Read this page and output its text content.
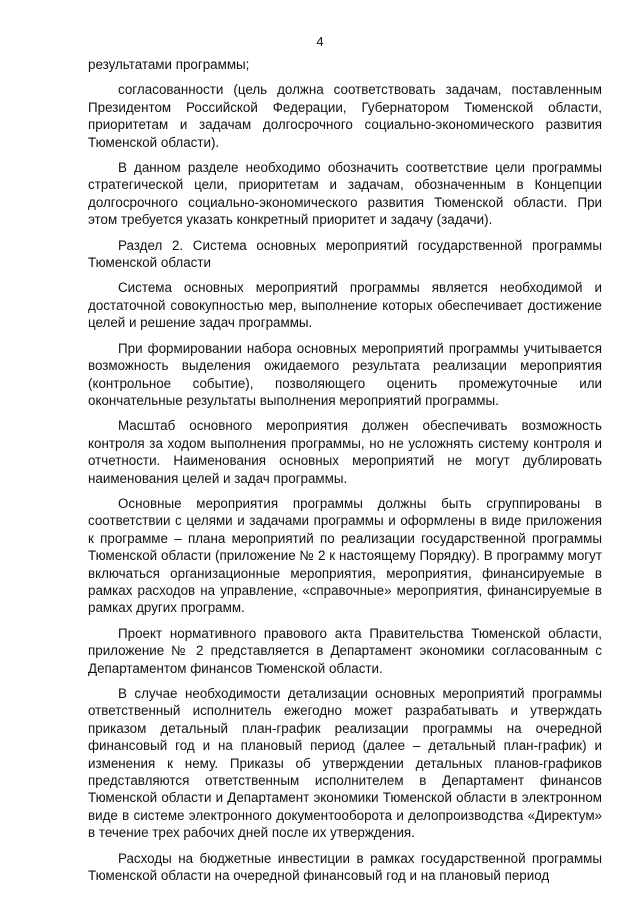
4

результатами программы;

согласованности (цель должна соответствовать задачам, поставленным Президентом Российской Федерации, Губернатором Тюменской области, приоритетам и задачам долгосрочного социально-экономического развития Тюменской области).

В данном разделе необходимо обозначить соответствие цели программы стратегической цели, приоритетам и задачам, обозначенным в Концепции долгосрочного социально-экономического развития Тюменской области. При этом требуется указать конкретный приоритет и задачу (задачи).

Раздел 2. Система основных мероприятий государственной программы Тюменской области

Система основных мероприятий программы является необходимой и достаточной совокупностью мер, выполнение которых обеспечивает достижение целей и решение задач программы.

При формировании набора основных мероприятий программы учитывается возможность выделения ожидаемого результата реализации мероприятия (контрольное событие), позволяющего оценить промежуточные или окончательные результаты выполнения мероприятий программы.

Масштаб основного мероприятия должен обеспечивать возможность контроля за ходом выполнения программы, но не усложнять систему контроля и отчетности. Наименования основных мероприятий не могут дублировать наименования целей и задач программы.

Основные мероприятия программы должны быть сгруппированы в соответствии с целями и задачами программы и оформлены в виде приложения к программе – плана мероприятий по реализации государственной программы Тюменской области (приложение № 2 к настоящему Порядку). В программу могут включаться организационные мероприятия, мероприятия, финансируемые в рамках расходов на управление, «справочные» мероприятия, финансируемые в рамках других программ.

Проект нормативного правового акта Правительства Тюменской области, приложение № 2 представляется в Департамент экономики согласованным с Департаментом финансов Тюменской области.

В случае необходимости детализации основных мероприятий программы ответственный исполнитель ежегодно может разрабатывать и утверждать приказом детальный план-график реализации программы на очередной финансовый год и на плановый период (далее – детальный план-график) и изменения к нему. Приказы об утверждении детальных планов-графиков представляются ответственным исполнителем в Департамент финансов Тюменской области и Департамент экономики Тюменской области в электронном виде в системе электронного документооборота и делопроизводства «Директум» в течение трех рабочих дней после их утверждения.

Расходы на бюджетные инвестиции в рамках государственной программы Тюменской области на очередной финансовый год и на плановый период
